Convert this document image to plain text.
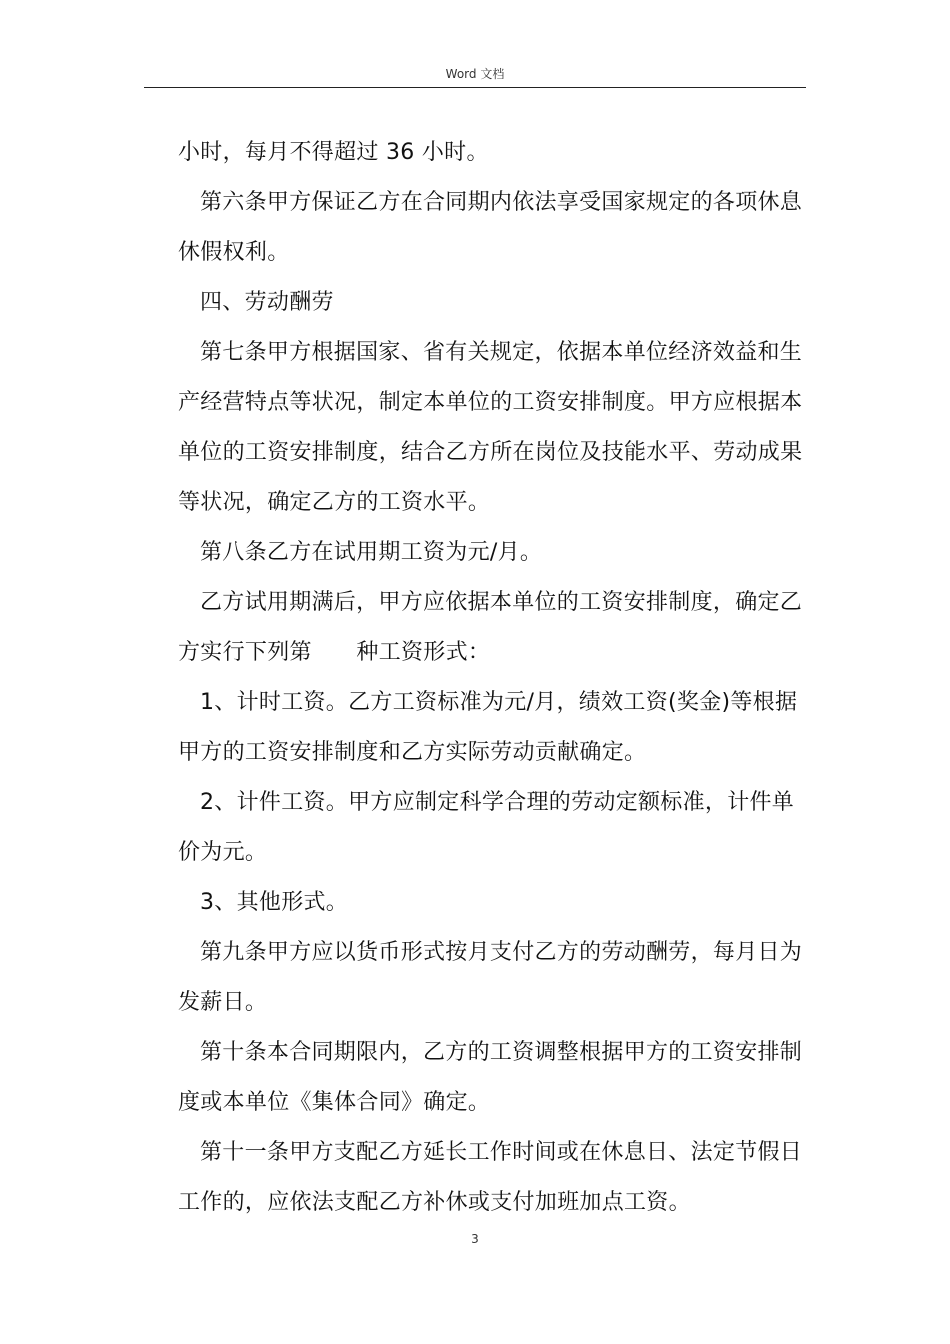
Word 文档

小时，每月不得超过 36 小时。

第六条甲方保证乙方在合同期内依法享受国家规定的各项休息

休假权利。

四、劳动酬劳

第七条甲方根据国家、省有关规定，依据本单位经济效益和生

产经营特点等状况，制定本单位的工资安排制度。甲方应根据本

单位的工资安排制度，结合乙方所在岗位及技能水平、劳动成果

等状况，确定乙方的工资水平。

第八条乙方在试用期工资为元/月。

乙方试用期满后，甲方应依据本单位的工资安排制度，确定乙

方实行下列第　　种工资形式：

1、计时工资。乙方工资标准为元/月，绩效工资(奖金)等根据

甲方的工资安排制度和乙方实际劳动贡献确定。

2、计件工资。甲方应制定科学合理的劳动定额标准，计件单

价为元。

3、其他形式。

第九条甲方应以货币形式按月支付乙方的劳动酬劳，每月日为

发薪日。

第十条本合同期限内，乙方的工资调整根据甲方的工资安排制

度或本单位《集体合同》确定。

第十一条甲方支配乙方延长工作时间或在休息日、法定节假日

工作的，应依法支配乙方补休或支付加班加点工资。

3
